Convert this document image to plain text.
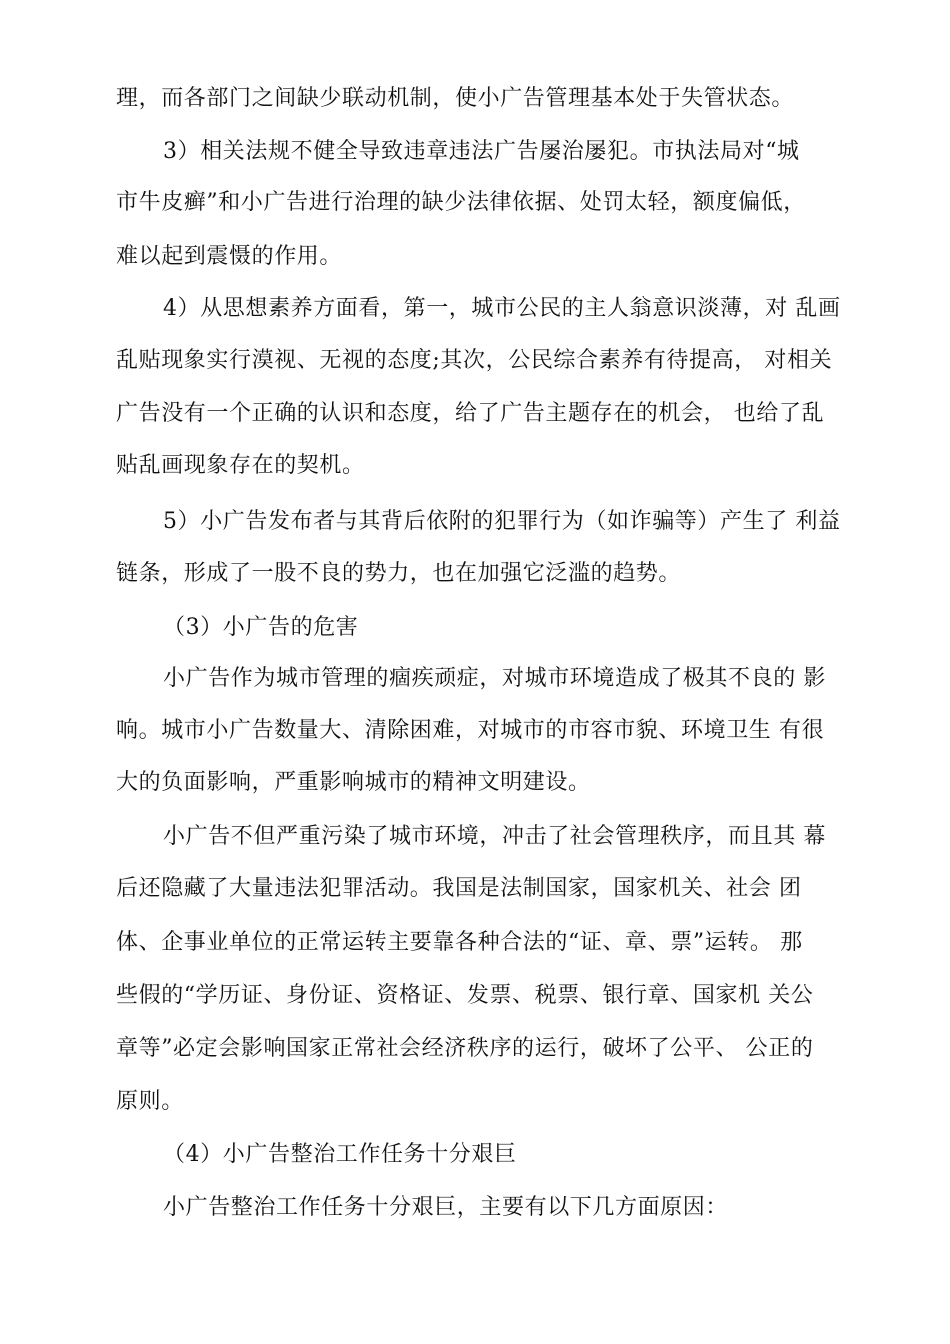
理，而各部门之间缺少联动机制，使小广告管理基本处于失管状态。
3）相关法规不健全导致违章违法广告屡治屡犯。市执法局对“城
市牛皮癣”和小广告进行治理的缺少法律依据、处罚太轻，额度偏低，
难以起到震慑的作用。
4）从思想素养方面看，第一，城市公民的主人翁意识淡薄，对 乱画
乱贴现象实行漠视、无视的态度;其次，公民综合素养有待提高， 对相关
广告没有一个正确的认识和态度，给了广告主题存在的机会， 也给了乱
贴乱画现象存在的契机。
5）小广告发布者与其背后依附的犯罪行为（如诈骗等）产生了 利益
链条，形成了一股不良的势力，也在加强它泛滥的趋势。
（3）小广告的危害
小广告作为城市管理的痼疾顽症，对城市环境造成了极其不良的 影
响。城市小广告数量大、清除困难，对城市的市容市貌、环境卫生 有很
大的负面影响，严重影响城市的精神文明建设。
小广告不但严重污染了城市环境，冲击了社会管理秩序，而且其 幕
后还隐藏了大量违法犯罪活动。我国是法制国家，国家机关、社会 团
体、企事业单位的正常运转主要靠各种合法的“证、章、票”运转。 那
些假的“学历证、身份证、资格证、发票、税票、银行章、国家机 关公
章等”必定会影响国家正常社会经济秩序的运行，破坏了公平、 公正的
原则。
（4）小广告整治工作任务十分艰巨
小广告整治工作任务十分艰巨，主要有以下几方面原因：
